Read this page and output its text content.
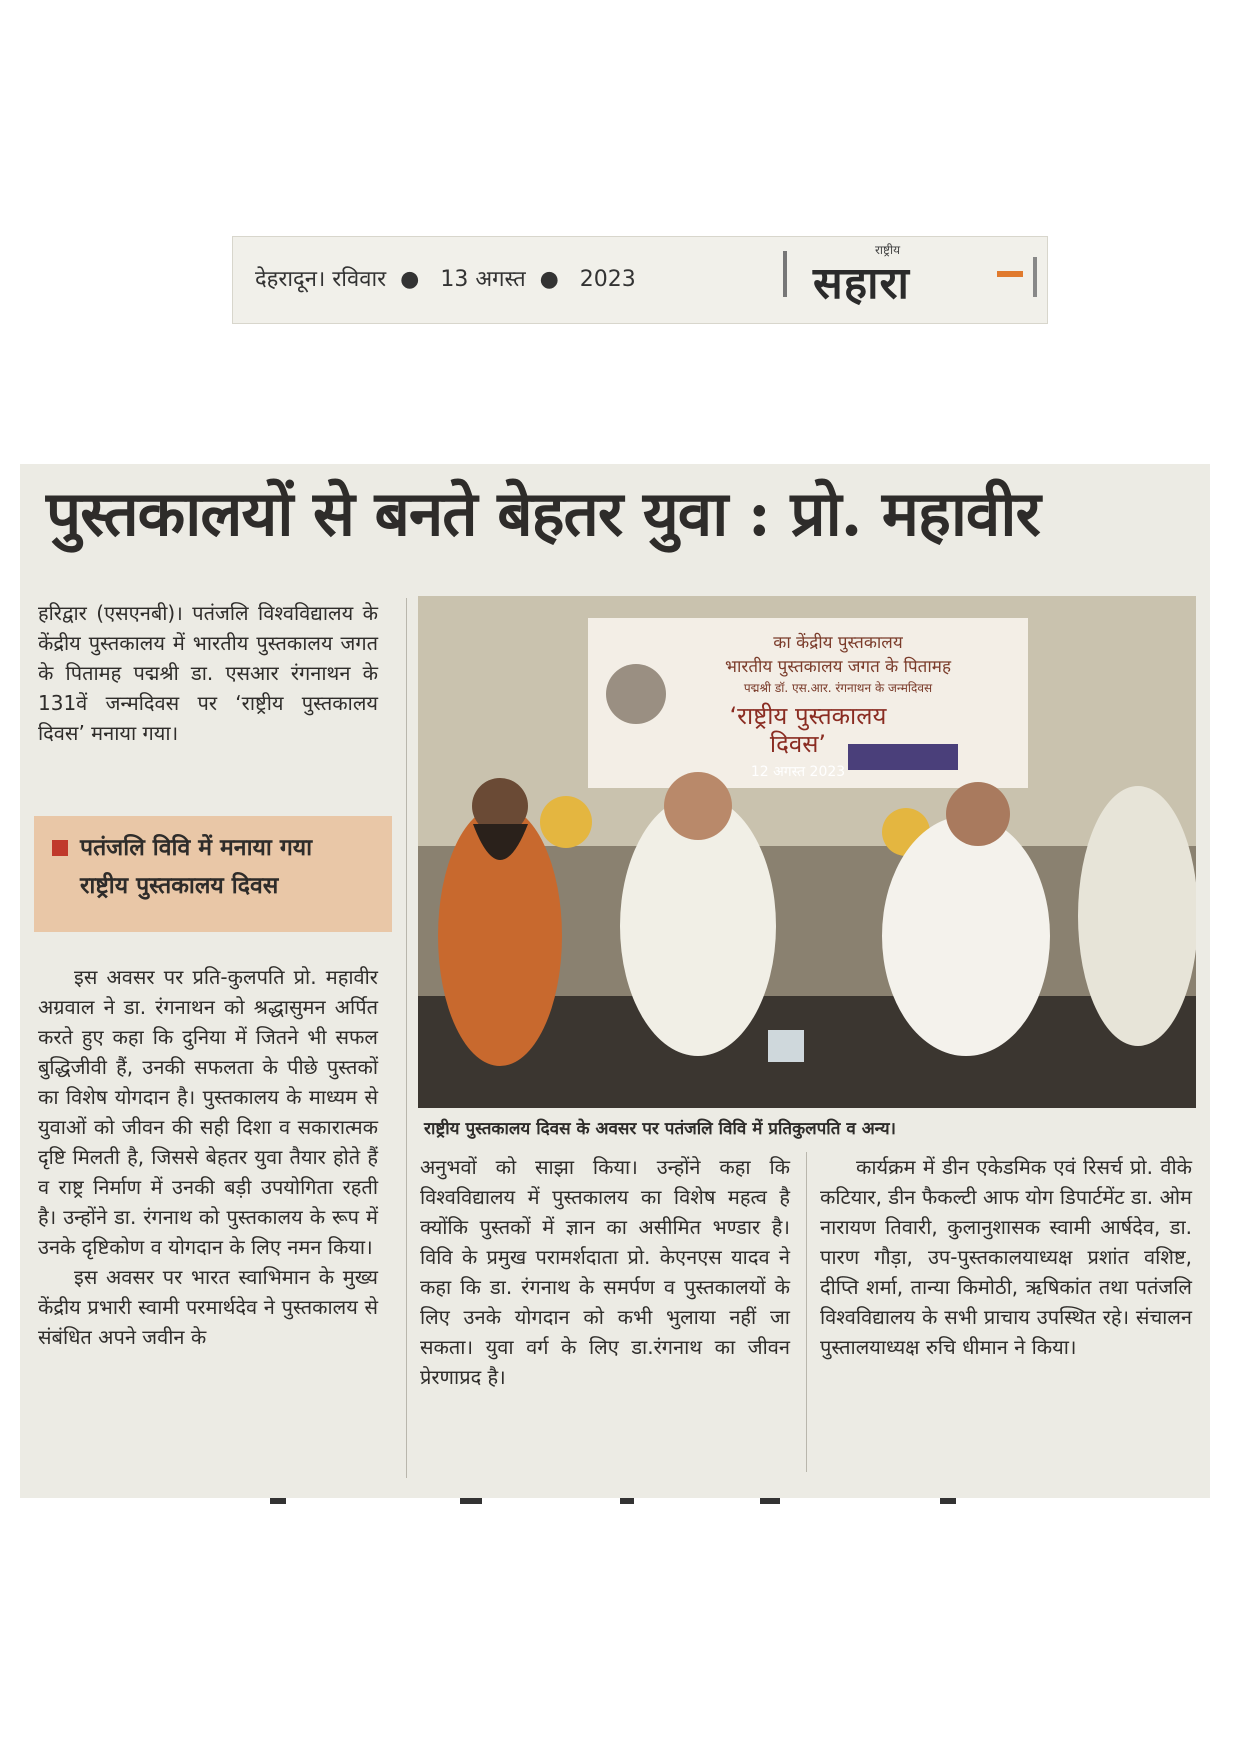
देहरादून। रविवार  ●   13 अगस्त  ●   2023
राष्ट्रीय
सहारा
पुस्तकालयों से बनते बेहतर युवा : प्रो. महावीर

हरिद्वार (एसएनबी)। पतंजलि विश्वविद्यालय के केंद्रीय पुस्तकालय में भारतीय पुस्तकालय जगत के पितामह पद्मश्री डा. एसआर रंगनाथन के 131वें जन्मदिवस पर ‘राष्ट्रीय पुस्तकालय दिवस’ मनाया गया।

पतंजलि विवि में मनाया गया
राष्ट्रीय पुस्तकालय दिवस

इस अवसर पर प्रति-कुलपति प्रो. महावीर अग्रवाल ने डा. रंगनाथन को श्रद्धासुमन अर्पित करते हुए कहा कि दुनिया में जितने भी सफल बुद्धिजीवी हैं, उनकी सफलता के पीछे पुस्तकों का विशेष योगदान है। पुस्तकालय के माध्यम से युवाओं को जीवन की सही दिशा व सकारात्मक दृष्टि मिलती है, जिससे बेहतर युवा तैयार होते हैं व राष्ट्र निर्माण में उनकी बड़ी उपयोगिता रहती है। उन्होंने डा. रंगनाथ को पुस्तकालय के रूप में उनके दृष्टिकोण व योगदान के लिए नमन किया।

इस अवसर पर भारत स्वाभिमान के मुख्य केंद्रीय प्रभारी स्वामी परमार्थदेव ने पुस्तकालय से संबंधित अपने जवीन के

का केंद्रीय पुस्तकालय
भारतीय पुस्तकालय जगत के पितामह
पद्मश्री डॉ. एस.आर. रंगनाथन के जन्मदिवस
‘राष्ट्रीय पुस्तकालय
दिवस’
12 अगस्त 2023
राष्ट्रीय पुस्तकालय दिवस के अवसर पर पतंजलि विवि में प्रतिकुलपति व अन्य।

अनुभवों को साझा किया। उन्होंने कहा कि विश्वविद्यालय में पुस्तकालय का विशेष महत्व है क्योंकि पुस्तकों में ज्ञान का असीमित भण्डार है। विवि के प्रमुख परामर्शदाता प्रो. केएनएस यादव ने कहा कि डा. रंगनाथ के समर्पण व पुस्तकालयों के लिए उनके योगदान को कभी भुलाया नहीं जा सकता। युवा वर्ग के लिए डा.रंगनाथ का जीवन प्रेरणाप्रद है।

कार्यक्रम में डीन एकेडमिक एवं रिसर्च प्रो. वीके कटियार, डीन फैकल्टी आफ योग डिपार्टमेंट डा. ओम नारायण तिवारी, कुलानुशासक स्वामी आर्षदेव, डा. पारण गौड़ा, उप-पुस्तकालयाध्यक्ष प्रशांत वशिष्ट, दीप्ति शर्मा, तान्या किमोठी, ऋषिकांत तथा पतंजलि विश्वविद्यालय के सभी प्राचाय उपस्थित रहे। संचालन पुस्तालयाध्यक्ष रुचि धीमान ने किया।
